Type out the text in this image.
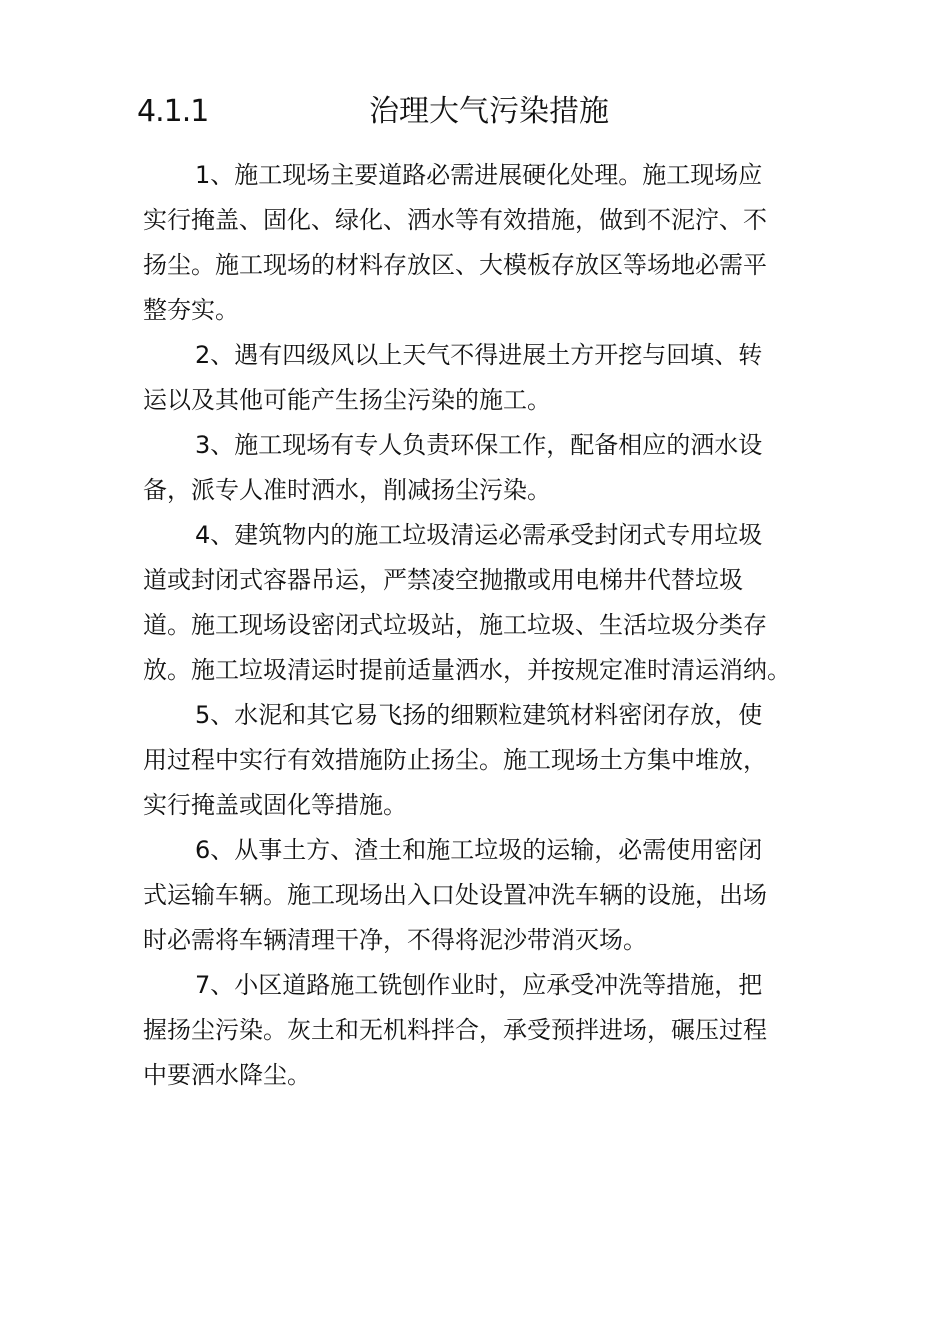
4.1.1	治理大气污染措施

1、施工现场主要道路必需进展硬化处理。施工现场应
实行掩盖、固化、绿化、洒水等有效措施，做到不泥泞、不
扬尘。施工现场的材料存放区、大模板存放区等场地必需平
整夯实。

2、遇有四级风以上天气不得进展土方开挖与回填、转
运以及其他可能产生扬尘污染的施工。

3、施工现场有专人负责环保工作，配备相应的洒水设
备，派专人准时洒水，削减扬尘污染。

4、建筑物内的施工垃圾清运必需承受封闭式专用垃圾
道或封闭式容器吊运，严禁凌空抛撒或用电梯井代替垃圾
道。施工现场设密闭式垃圾站，施工垃圾、生活垃圾分类存
放。施工垃圾清运时提前适量洒水，并按规定准时清运消纳。

5、水泥和其它易飞扬的细颗粒建筑材料密闭存放，使
用过程中实行有效措施防止扬尘。施工现场土方集中堆放，
实行掩盖或固化等措施。

6、从事土方、渣土和施工垃圾的运输，必需使用密闭
式运输车辆。施工现场出入口处设置冲洗车辆的设施，出场
时必需将车辆清理干净，不得将泥沙带消灭场。

7、小区道路施工铣刨作业时，应承受冲洗等措施，把
握扬尘污染。灰土和无机料拌合，承受预拌进场，碾压过程
中要洒水降尘。
